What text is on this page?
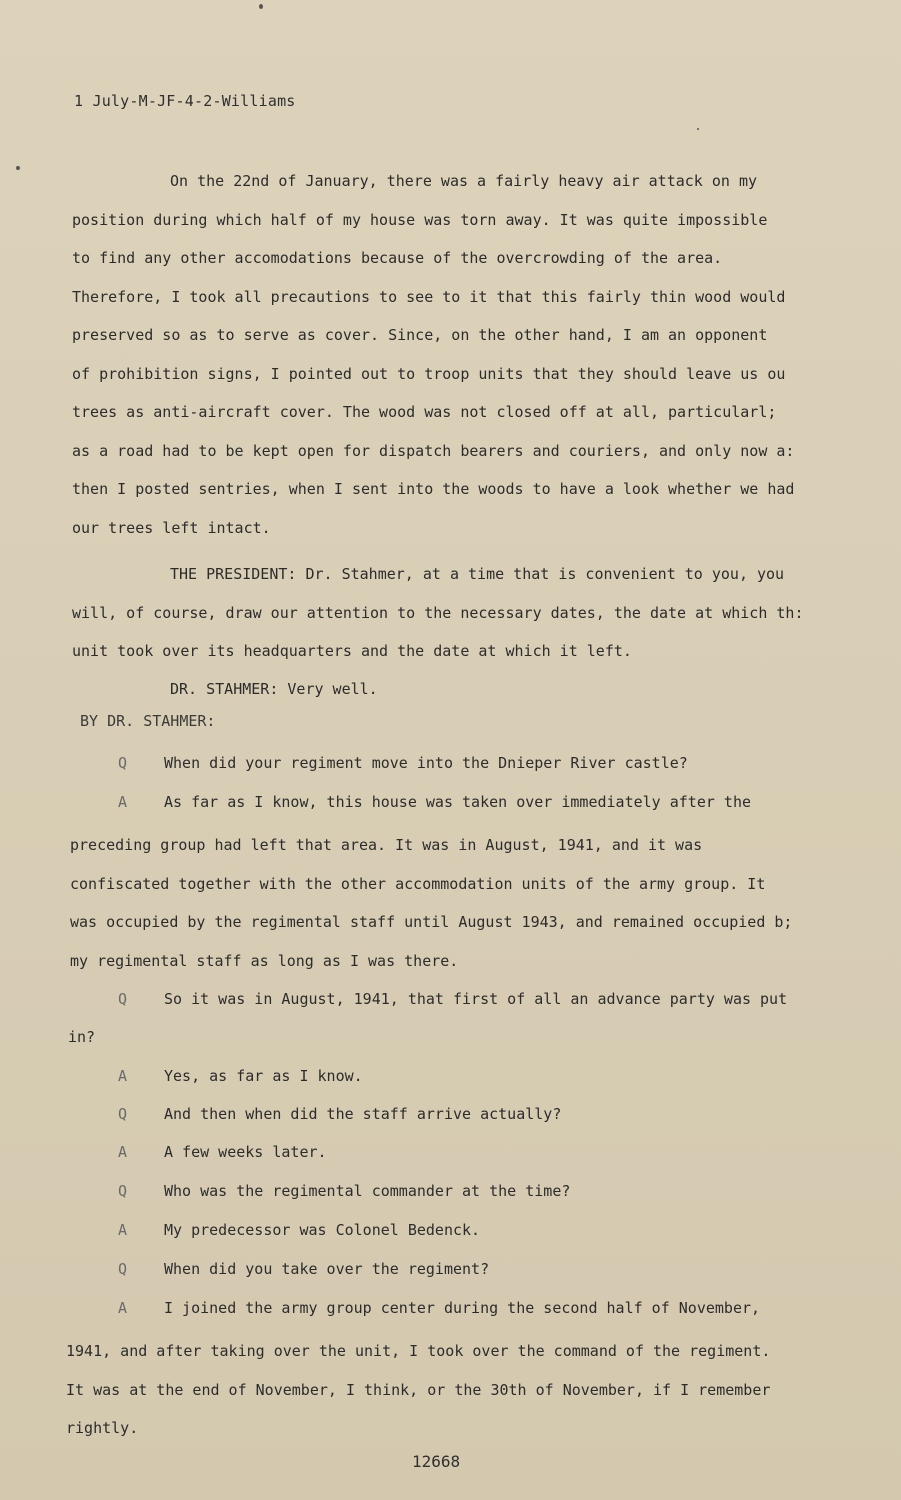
1 July-M-JF-4-2-Williams
On the 22nd of January, there was a fairly heavy air attack on my
position during which half of my house was torn away. It was quite impossible
to find any other accomodations because of the overcrowding of the area.
Therefore, I took all precautions to see to it that this fairly thin wood would
preserved so as to serve as cover. Since, on the other hand, I am an opponent
of prohibition signs, I pointed out to troop units that they should leave us ou
trees as anti-aircraft cover. The wood was not closed off at all, particularl;
as a road had to be kept open for dispatch bearers and couriers, and only now a:
then I posted sentries, when I sent into the woods to have a look whether we had
our trees left intact.
THE PRESIDENT: Dr. Stahmer, at a time that is convenient to you, you
will, of course, draw our attention to the necessary dates, the date at which th:
unit took over its headquarters and the date at which it left.
DR. STAHMER: Very well.
BY DR. STAHMER:
Q When did your regiment move into the Dnieper River castle?
A As far as I know, this house was taken over immediately after the
preceding group had left that area. It was in August, 1941, and it was
confiscated together with the other accommodation units of the army group. It
was occupied by the regimental staff until August 1943, and remained occupied b;
my regimental staff as long as I was there.
Q So it was in August, 1941, that first of all an advance party was put
in?
A Yes, as far as I know.
Q And then when did the staff arrive actually?
A A few weeks later.
Q Who was the regimental commander at the time?
A My predecessor was Colonel Bedenck.
Q When did you take over the regiment?
A I joined the army group center during the second half of November,
1941, and after taking over the unit, I took over the command of the regiment.
It was at the end of November, I think, or the 30th of November, if I remember
rightly.
12668
